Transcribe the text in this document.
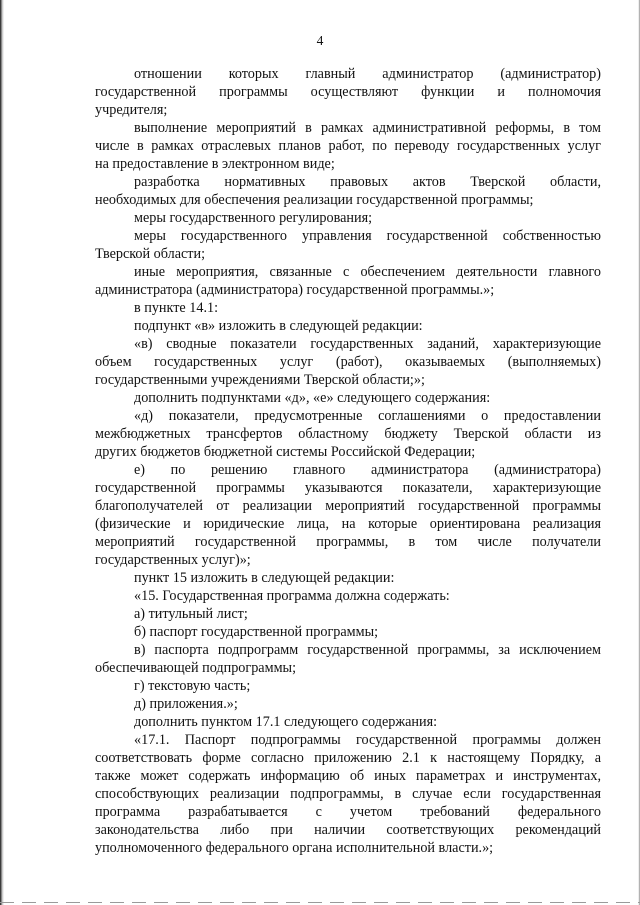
4

отношении которых главный администратор (администратор)

государственной программы осуществляют функции и полномочия

учредителя;

выполнение мероприятий в рамках административной реформы, в том

числе в рамках отраслевых планов работ, по переводу государственных услуг

на предоставление в электронном виде;

разработка нормативных правовых актов Тверской области,

необходимых для обеспечения реализации государственной программы;

меры государственного регулирования;

меры государственного управления государственной собственностью

Тверской области;

иные мероприятия, связанные с обеспечением деятельности главного

администратора (администратора) государственной программы.»;

в пункте 14.1:

подпункт «в» изложить в следующей редакции:

«в) сводные показатели государственных заданий, характеризующие

объем государственных услуг (работ), оказываемых (выполняемых)

государственными учреждениями Тверской области;»;

дополнить подпунктами «д», «е» следующего содержания:

«д) показатели, предусмотренные соглашениями о предоставлении

межбюджетных трансфертов областному бюджету Тверской области из

других бюджетов бюджетной системы Российской Федерации;

е) по решению главного администратора (администратора)

государственной программы указываются показатели, характеризующие

благополучателей от реализации мероприятий государственной программы

(физические и юридические лица, на которые ориентирована реализация

мероприятий государственной программы, в том числе получатели

государственных услуг)»;

пункт 15 изложить в следующей редакции:

«15. Государственная программа должна содержать:

а) титульный лист;

б) паспорт государственной программы;

в) паспорта подпрограмм государственной программы, за исключением

обеспечивающей подпрограммы;

г) текстовую часть;

д) приложения.»;

дополнить пунктом 17.1 следующего содержания:

«17.1. Паспорт подпрограммы государственной программы должен

соответствовать форме согласно приложению 2.1 к настоящему Порядку, а

также может содержать информацию об иных параметрах и инструментах,

способствующих реализации подпрограммы, в случае если государственная

программа разрабатывается с учетом требований федерального

законодательства либо при наличии соответствующих рекомендаций

уполномоченного федерального органа исполнительной власти.»;
